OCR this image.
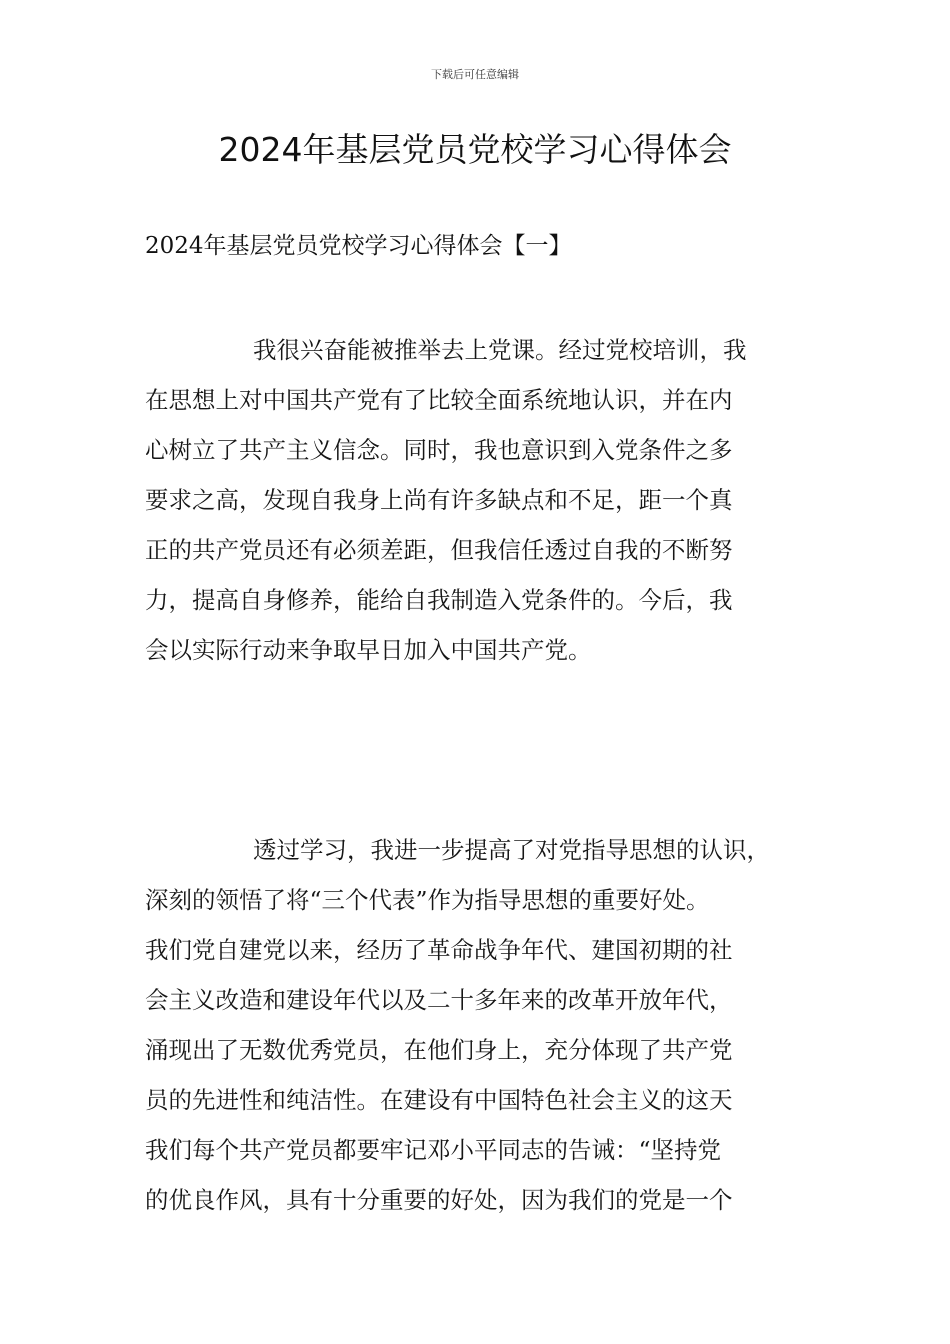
下载后可任意编辑
2024年基层党员党校学习心得体会
2024年基层党员党校学习心得体会【一】
我很兴奋能被推举去上党课。经过党校培训，我
在思想上对中国共产党有了比较全面系统地认识，并在内
心树立了共产主义信念。同时，我也意识到入党条件之多
要求之高，发现自我身上尚有许多缺点和不足，距一个真
正的共产党员还有必须差距，但我信任透过自我的不断努
力，提高自身修养，能给自我制造入党条件的。今后，我
会以实际行动来争取早日加入中国共产党。
透过学习，我进一步提高了对党指导思想的认识，
深刻的领悟了将“三个代表”作为指导思想的重要好处。
我们党自建党以来，经历了革命战争年代、建国初期的社
会主义改造和建设年代以及二十多年来的改革开放年代，
涌现出了无数优秀党员，在他们身上，充分体现了共产党
员的先进性和纯洁性。在建设有中国特色社会主义的这天
我们每个共产党员都要牢记邓小平同志的告诫：“坚持党
的优良作风，具有十分重要的好处，因为我们的党是一个
